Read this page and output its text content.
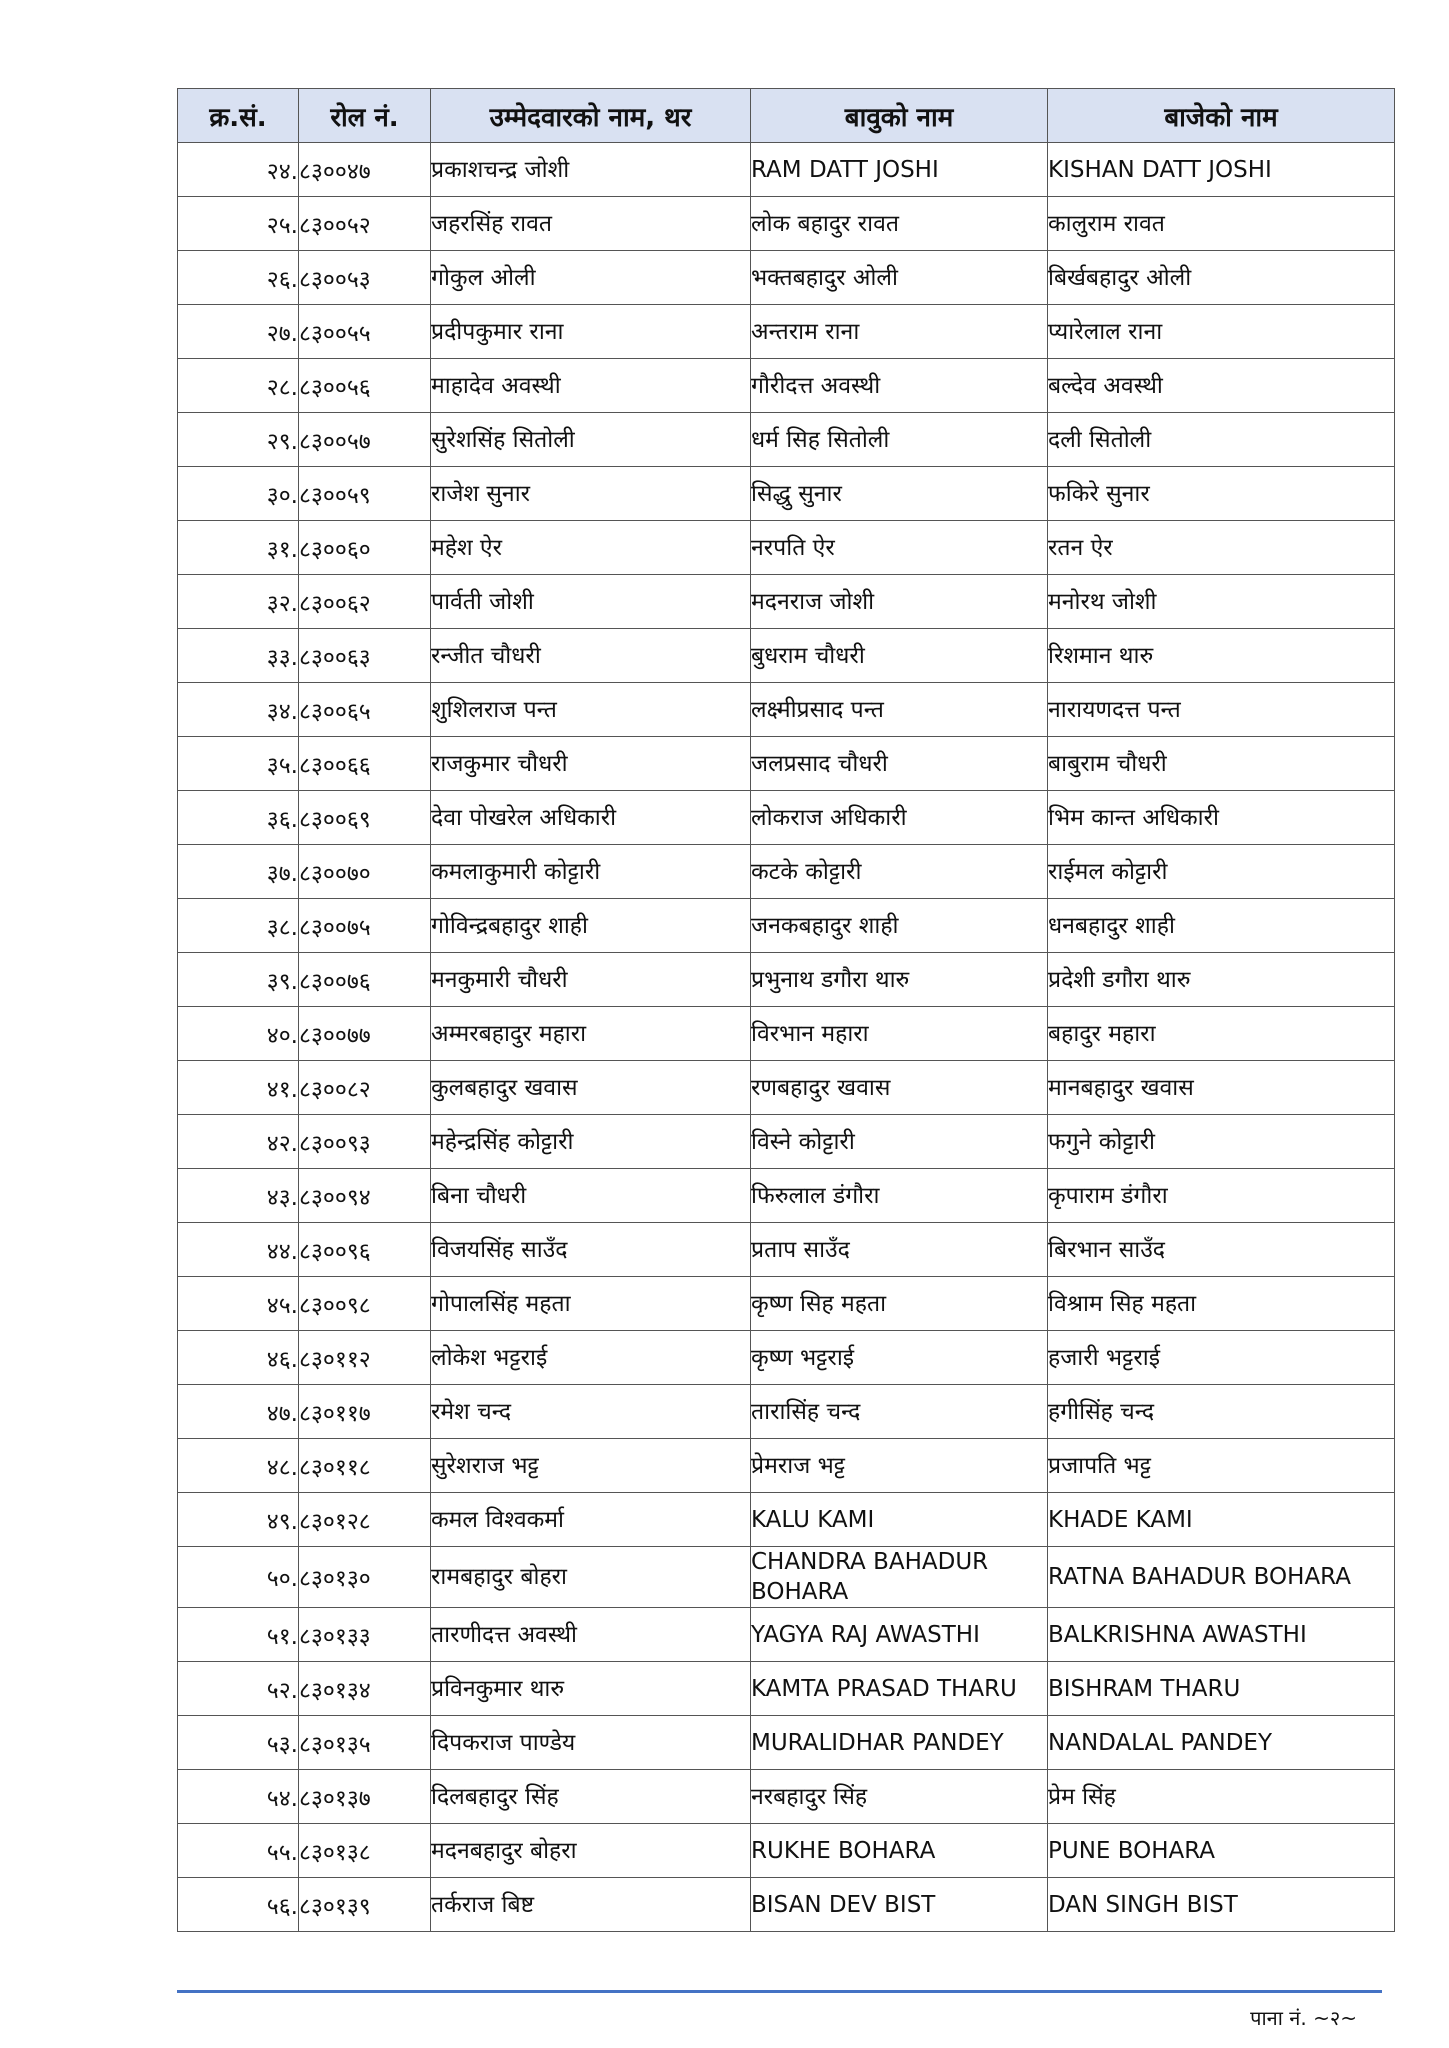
क्र.सं.	रोल नं.	उम्मेदवारको नाम, थर	बावुको नाम	बाजेको नाम
२४.	८३००४७	प्रकाशचन्द्र जोशी	RAM DATT JOSHI	KISHAN DATT JOSHI
२५.	८३००५२	जहरसिंह रावत	लोक बहादुर रावत	कालुराम रावत
२६.	८३००५३	गोकुल ओली	भक्तबहादुर ओली	बिर्खबहादुर ओली
२७.	८३००५५	प्रदीपकुमार राना	अन्तराम राना	प्यारेलाल राना
२८.	८३००५६	माहादेव अवस्थी	गौरीदत्त अवस्थी	बल्देव अवस्थी
२९.	८३००५७	सुरेशसिंह सितोली	धर्म सिह सितोली	दली सितोली
३०.	८३००५९	राजेश सुनार	सिद्धु सुनार	फकिरे सुनार
३१.	८३००६०	महेश ऐर	नरपति ऐर	रतन ऐर
३२.	८३००६२	पार्वती जोशी	मदनराज जोशी	मनोरथ जोशी
३३.	८३००६३	रन्जीत चौधरी	बुधराम चौधरी	रिशमान थारु
३४.	८३००६५	शुशिलराज पन्त	लक्ष्मीप्रसाद पन्त	नारायणदत्त पन्त
३५.	८३००६६	राजकुमार चौधरी	जलप्रसाद चौधरी	बाबुराम चौधरी
३६.	८३००६९	देवा पोखरेल अधिकारी	लोकराज अधिकारी	भिम कान्त अधिकारी
३७.	८३००७०	कमलाकुमारी कोट्टारी	कटके कोट्टारी	राईमल कोट्टारी
३८.	८३००७५	गोविन्द्रबहादुर शाही	जनकबहादुर शाही	धनबहादुर शाही
३९.	८३००७६	मनकुमारी चौधरी	प्रभुनाथ डगौरा थारु	प्रदेशी डगौरा थारु
४०.	८३००७७	अम्मरबहादुर महारा	विरभान महारा	बहादुर महारा
४१.	८३००८२	कुलबहादुर खवास	रणबहादुर खवास	मानबहादुर खवास
४२.	८३००९३	महेन्द्रसिंह कोट्टारी	विस्ने कोट्टारी	फगुने कोट्टारी
४३.	८३००९४	बिना चौधरी	फिरुलाल डंगौरा	कृपाराम डंगौरा
४४.	८३००९६	विजयसिंह साउँद	प्रताप साउँद	बिरभान साउँद
४५.	८३००९८	गोपालसिंह महता	कृष्ण सिह महता	विश्राम सिह महता
४६.	८३०११२	लोकेश भट्टराई	कृष्ण भट्टराई	हजारी भट्टराई
४७.	८३०११७	रमेश चन्द	तारासिंह चन्द	हगीसिंह चन्द
४८.	८३०११८	सुरेशराज भट्ट	प्रेमराज भट्ट	प्रजापति भट्ट
४९.	८३०१२८	कमल विश्वकर्मा	KALU KAMI	KHADE KAMI
५०.	८३०१३०	रामबहादुर बोहरा	CHANDRA BAHADUR BOHARA	RATNA BAHADUR BOHARA
५१.	८३०१३३	तारणीदत्त अवस्थी	YAGYA RAJ AWASTHI	BALKRISHNA AWASTHI
५२.	८३०१३४	प्रविनकुमार थारु	KAMTA PRASAD THARU	BISHRAM THARU
५३.	८३०१३५	दिपकराज पाण्डेय	MURALIDHAR PANDEY	NANDALAL PANDEY
५४.	८३०१३७	दिलबहादुर सिंह	नरबहादुर सिंह	प्रेम सिंह
५५.	८३०१३८	मदनबहादुर बोहरा	RUKHE BOHARA	PUNE BOHARA
५६.	८३०१३९	तर्कराज बिष्ट	BISAN DEV BIST	DAN SINGH BIST
पाना नं. ~२~
